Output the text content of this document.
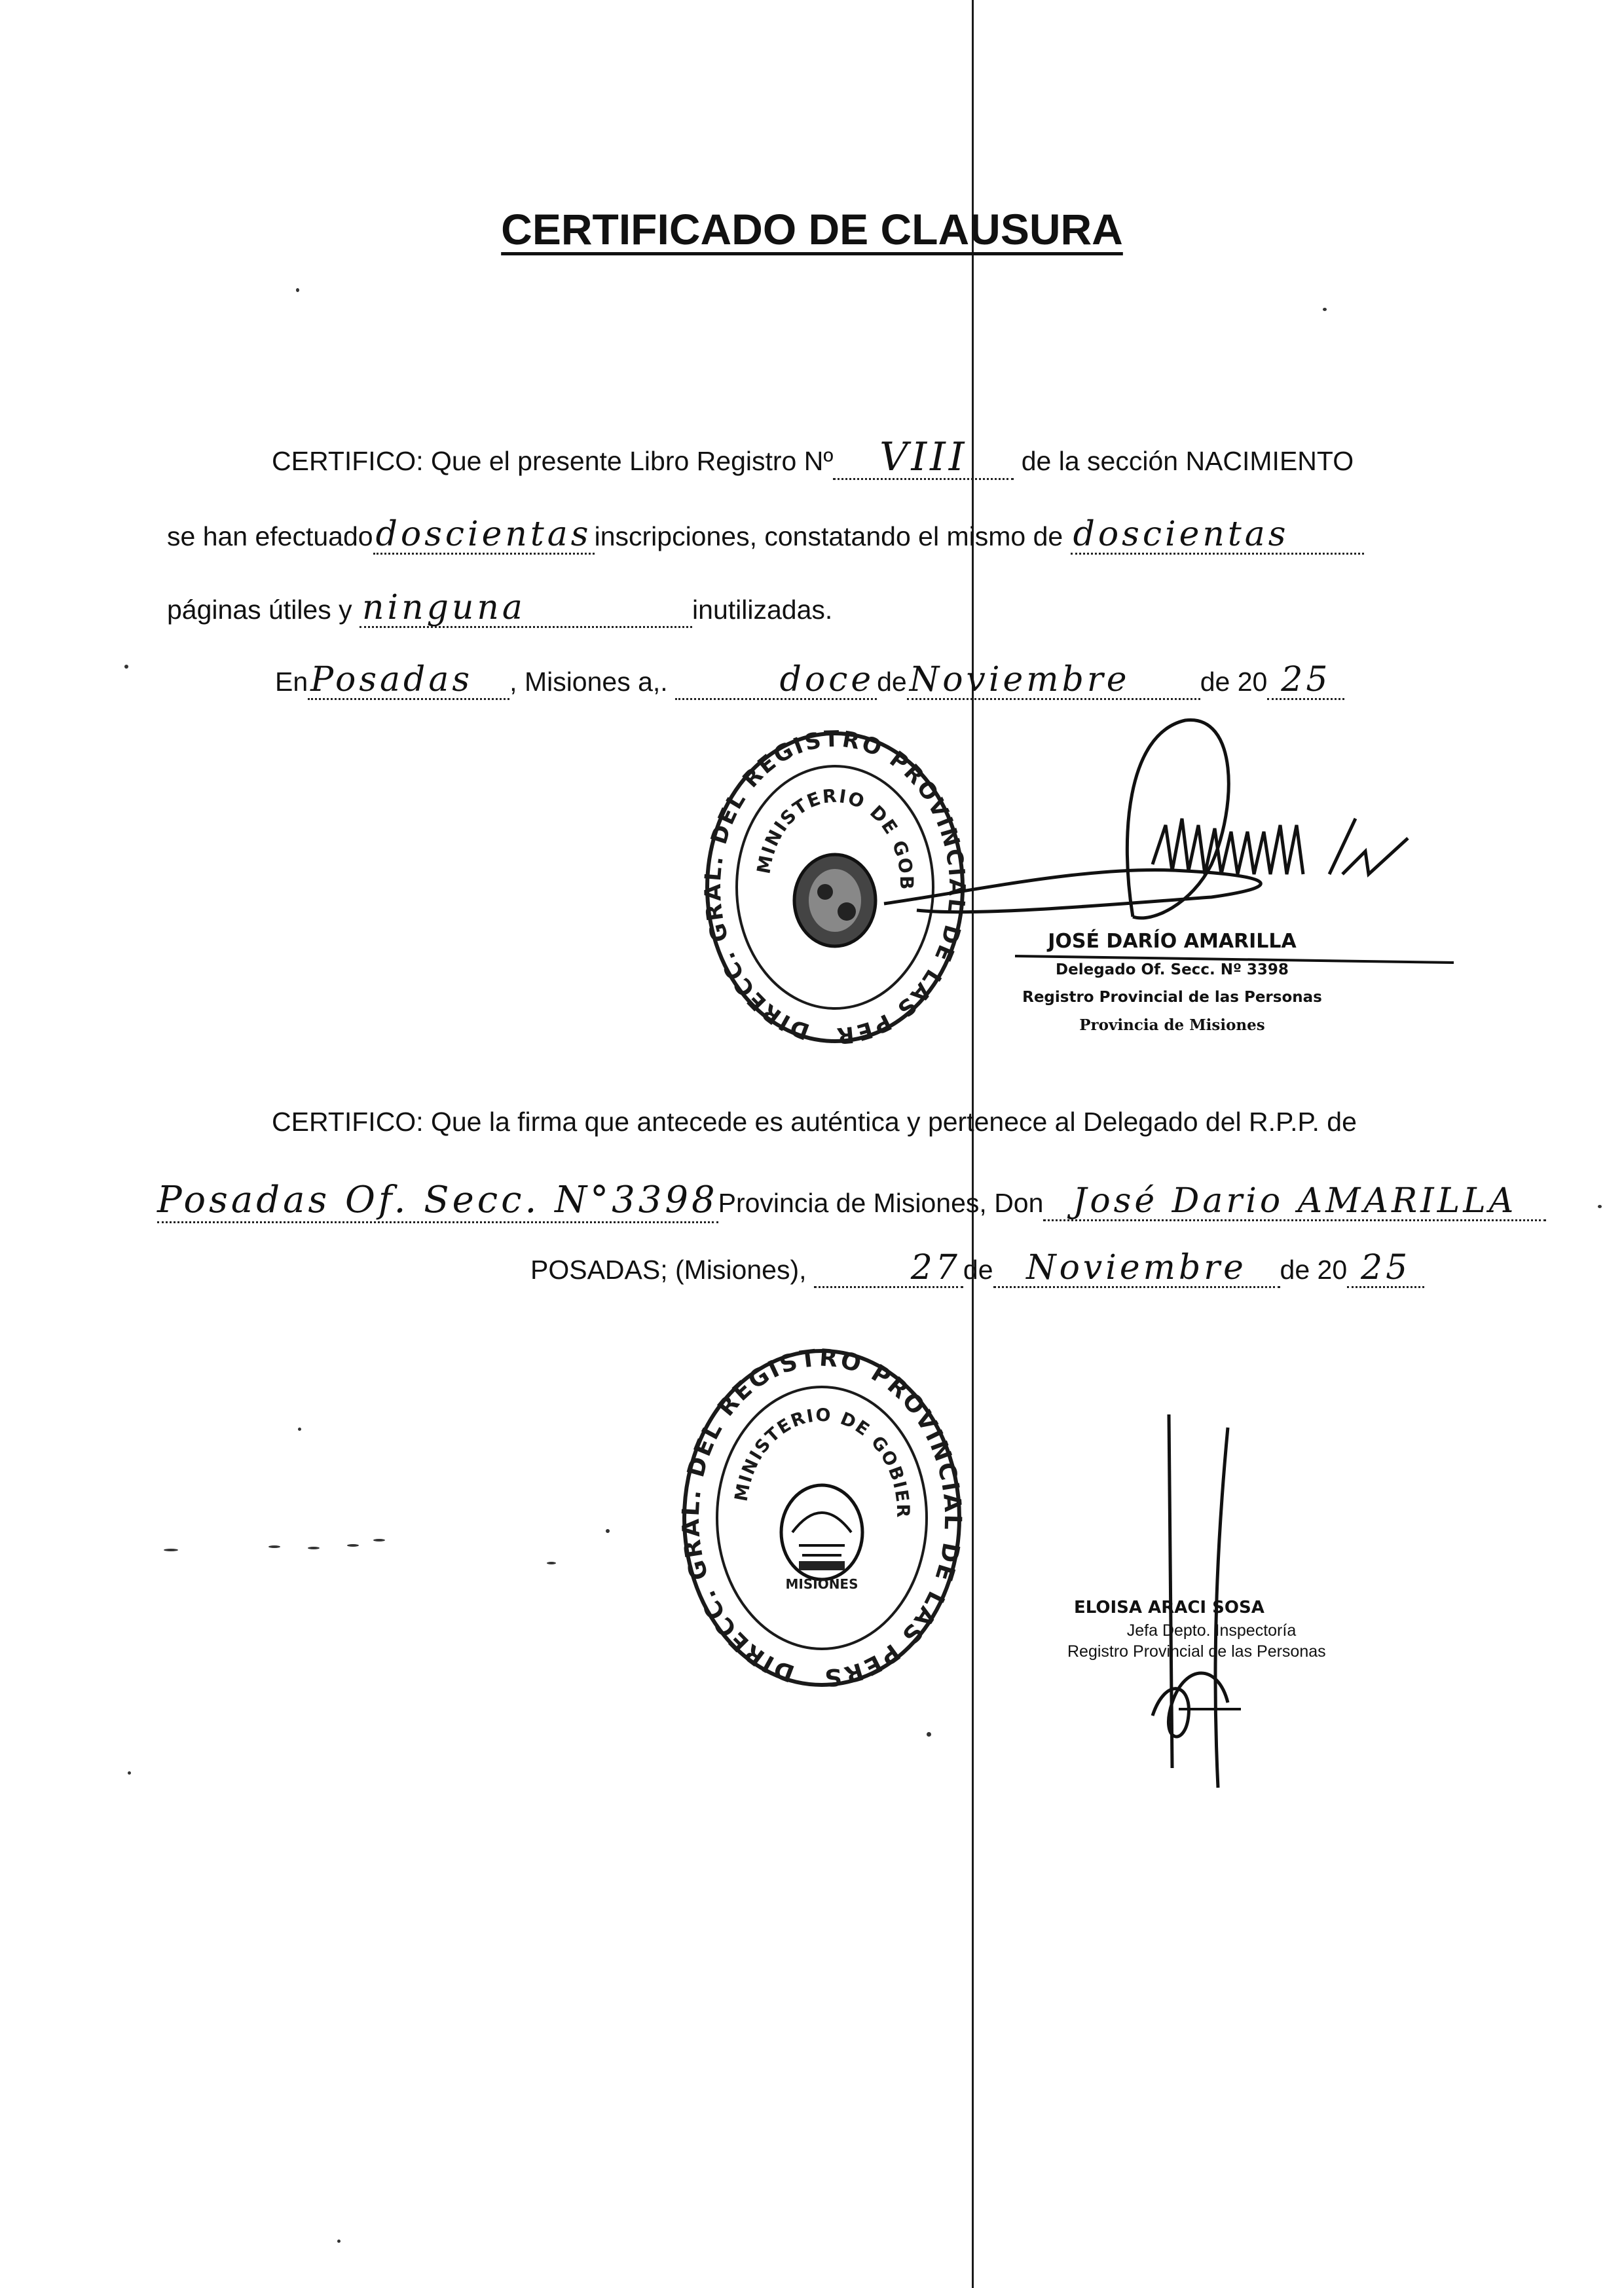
CERTIFICADO DE CLAUSURA
CERTIFICO: Que el presente Libro Registro Nº VIII de la sección NACIMIENTO
se han efectuadodoscientas inscripciones, constatando el mismo de doscientas
páginas útiles y ninguna	inutilizadas.
EnPosadas , Misiones a,.	docedeNoviembre	de 20 25
DIRECC. GRAL. DEL REGISTRO PROVINCIAL DE LAS PER
MINISTERIO DE GOB
JOSÉ DARÍO AMARILLA
Delegado Of. Secc. Nº 3398
Registro Provincial de las Personas
Provincia de Misiones
CERTIFICO: Que la firma que antecede es auténtica y pertenece al Delegado del R.P.P. de
Posadas Of. Secc. N°3398Provincia de Misiones, Don José Dario AMARILLA
POSADAS; (Misiones),	27de Noviembre de 20 25
DIRECC. GRAL. DEL REGISTRO PROVINCIAL DE LAS PERS
MINISTERIO DE GOBIER
MISIONES
ELOISA ARACI SOSA
Jefa Depto. Inspectoría
Registro Provincial de las Personas
